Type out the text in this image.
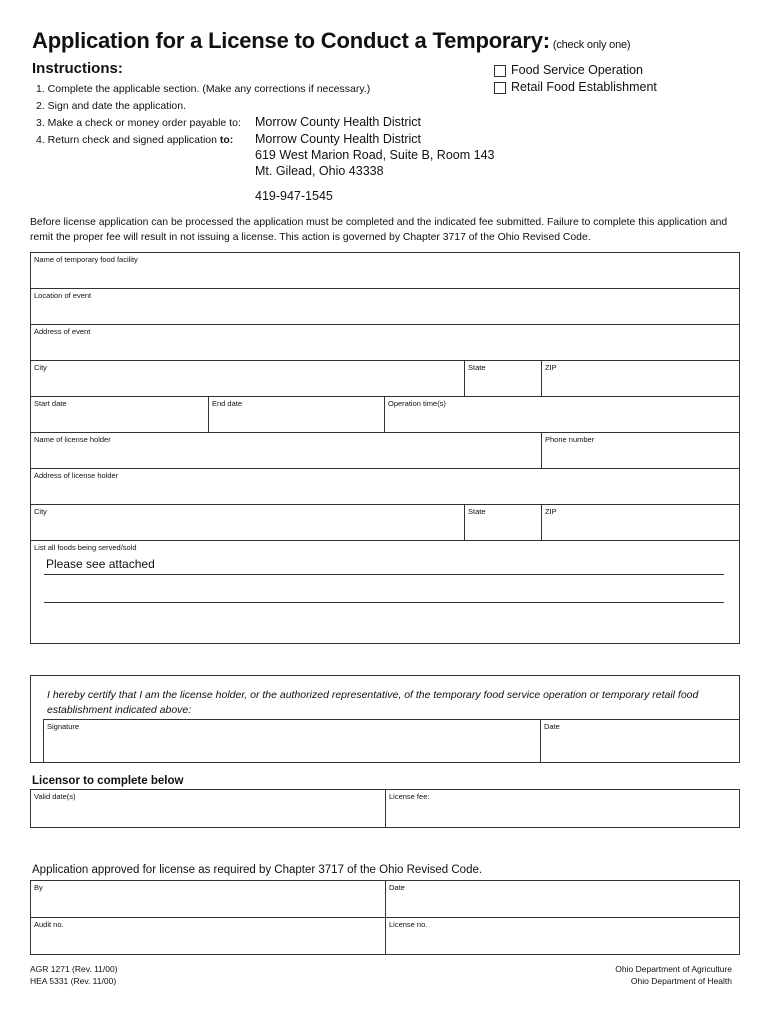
Application for a License to Conduct a Temporary: (check only one)
Instructions:
1. Complete the applicable section. (Make any corrections if necessary.)
2. Sign and date the application.
3. Make a check or money order payable to:
4. Return check and signed application to:
Morrow County Health District
Morrow County Health District
619 West Marion Road, Suite B, Room 143
Mt. Gilead, Ohio 43338
419-947-1545
Food Service Operation
Retail Food Establishment
Before license application can be processed the application must be completed and the indicated fee submitted. Failure to complete this application and remit the proper fee will result in not issuing a license. This action is governed by Chapter 3717 of the Ohio Revised Code.
Name of temporary food facility
Location of event
Address of event
City	State	ZIP
Start date	End date	Operation time(s)
Name of license holder	Phone number
Address of license holder
City	State	ZIP
List all foods being served/sold
Please see attached
I hereby certify that I am the license holder, or the authorized representative, of the temporary food service operation or temporary retail food establishment indicated above:
Signature	Date
Licensor to complete below
Valid date(s)	License fee:
Application approved for license as required by Chapter 3717 of the Ohio Revised Code.
By	Date
Audit no.	License no.
AGR 1271 (Rev. 11/00)
HEA 5331 (Rev. 11/00)
Ohio Department of Agriculture
Ohio Department of Health
